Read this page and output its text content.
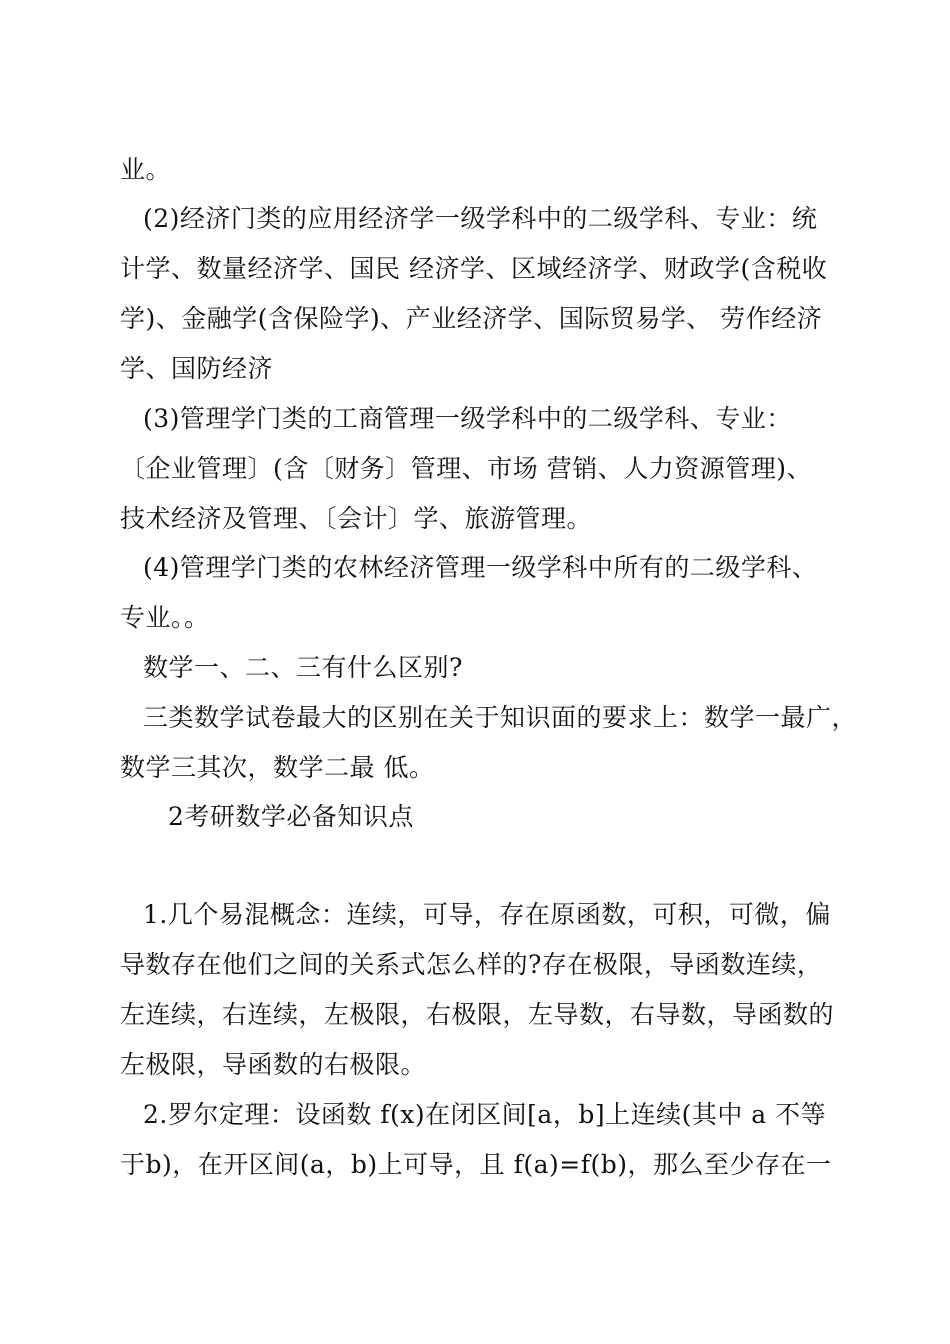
业。
(2)经济门类的应用经济学一级学科中的二级学科、专业：统
计学、数量经济学、国民 经济学、区域经济学、财政学(含税收
学)、金融学(含保险学)、产业经济学、国际贸易学、 劳作经济
学、国防经济
(3)管理学门类的工商管理一级学科中的二级学科、专业：
〔企业管理〕(含〔财务〕管理、市场 营销、人力资源管理)、
技术经济及管理、〔会计〕学、旅游管理。
(4)管理学门类的农林经济管理一级学科中所有的二级学科、
专业。。
数学一、二、三有什么区别?
三类数学试卷最大的区别在关于知识面的要求上：数学一最广，
数学三其次，数学二最 低。
2考研数学必备知识点
1.几个易混概念：连续，可导，存在原函数，可积，可微，偏
导数存在他们之间的关系式怎么样的?存在极限，导函数连续，
左连续，右连续，左极限，右极限，左导数，右导数，导函数的
左极限，导函数的右极限。
2.罗尔定理：设函数 f(x)在闭区间[a，b]上连续(其中 a 不等
于b)，在开区间(a，b)上可导，且 f(a)=f(b)，那么至少存在一
